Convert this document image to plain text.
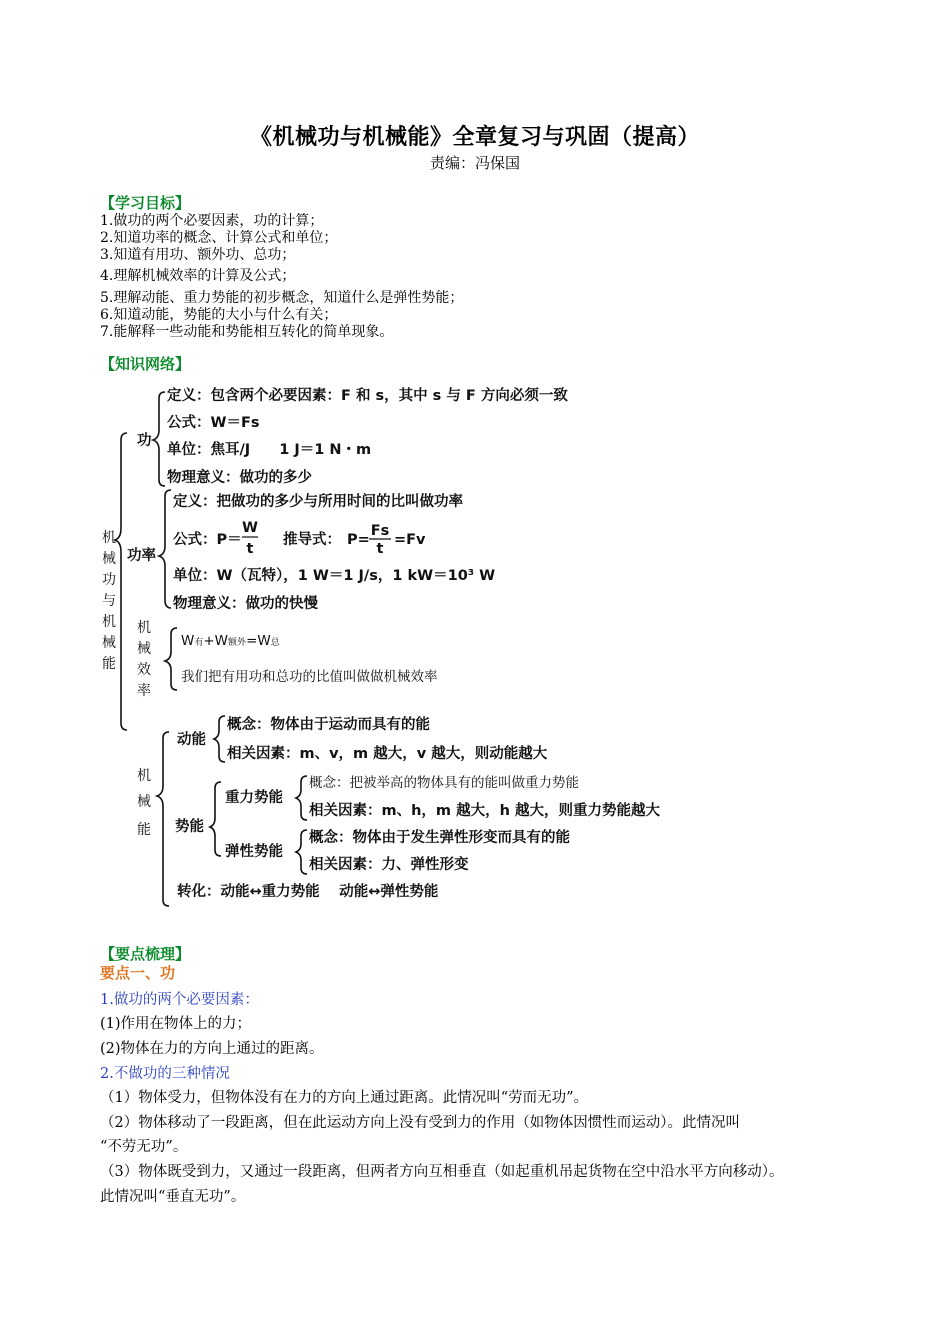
《机械功与机械能》全章复习与巩固（提高）
责编：冯保国
【学习目标】
1.做功的两个必要因素，功的计算；
2.知道功率的概念、计算公式和单位；
3.知道有用功、额外功、总功；
4.理解机械效率的计算及公式；
5.理解动能、重力势能的初步概念，知道什么是弹性势能；
6.知道动能，势能的大小与什么有关；
7.能解释一些动能和势能相互转化的简单现象。
【知识网络】
机
械
功
与
机
械
能
功
定义：包含两个必要因素：F 和 s，其中 s 与 F 方向必须一致
公式：W＝Fs
单位：焦耳/J　　1 J＝1 N・m
物理意义：做功的多少
功率
定义：把做功的多少与所用时间的比叫做功率
公式：P＝
W
t
推导式： P=
Fs
t
=Fv
单位：W（瓦特），1 W＝1 J/s，1 kW＝10³ W
物理意义：做功的快慢
机
械
效
率
W有+W额外=W总
我们把有用功和总功的比值叫做做机械效率
机
械
能
动能
概念：物体由于运动而具有的能
相关因素：m、v，m 越大，v 越大，则动能越大
势能
重力势能
概念：把被举高的物体具有的能叫做重力势能
相关因素：m、h，m 越大，h 越大，则重力势能越大
弹性势能
概念：物体由于发生弹性形变而具有的能
相关因素：力、弹性形变
转化：动能↔重力势能　 动能↔弹性势能
【要点梳理】
要点一、功
1.做功的两个必要因素：
(1)作用在物体上的力；
(2)物体在力的方向上通过的距离。
2.不做功的三种情况
（1）物体受力，但物体没有在力的方向上通过距离。此情况叫“劳而无功”。
（2）物体移动了一段距离，但在此运动方向上没有受到力的作用（如物体因惯性而运动）。此情况叫
“不劳无功”。
（3）物体既受到力，又通过一段距离，但两者方向互相垂直（如起重机吊起货物在空中沿水平方向移动）。
此情况叫“垂直无功”。
